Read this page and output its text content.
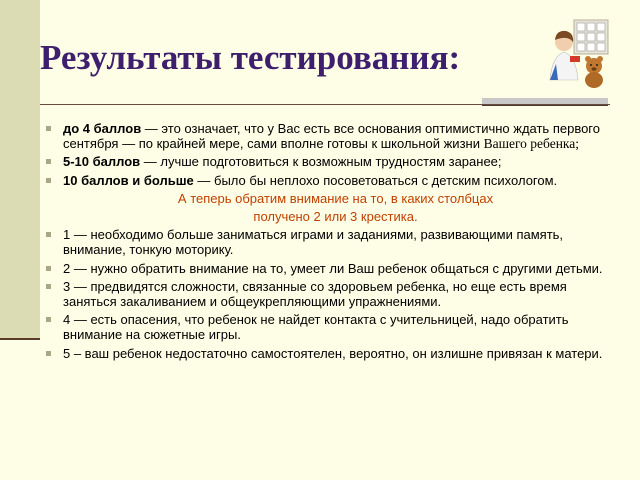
Результаты тестирования:
до 4 баллов — это означает, что у Вас есть все основания оптимистично ждать первого сентября — по крайней мере, сами вполне готовы к школьной жизни Вашего ребенка;
5-10 баллов — лучше подготовиться к возможным трудностям заранее;
10 баллов и больше — было бы неплохо посоветоваться с детским психологом.
А теперь обратим внимание на то, в каких столбцах
получено 2 или 3 крестика.
1 — необходимо больше заниматься играми и заданиями, развивающими память, внимание, тонкую моторику.
2 — нужно обратить внимание на то, умеет ли Ваш ребенок общаться с другими детьми.
3 — предвидятся сложности, связанные со здоровьем ребенка, но еще есть время заняться закаливанием и общеукрепляющими упражнениями.
4 — есть опасения, что ребенок не найдет контакта с учительницей, надо обратить внимание на сюжетные игры.
5 – ваш ребенок недостаточно самостоятелен, вероятно, он излишне привязан к матери.
